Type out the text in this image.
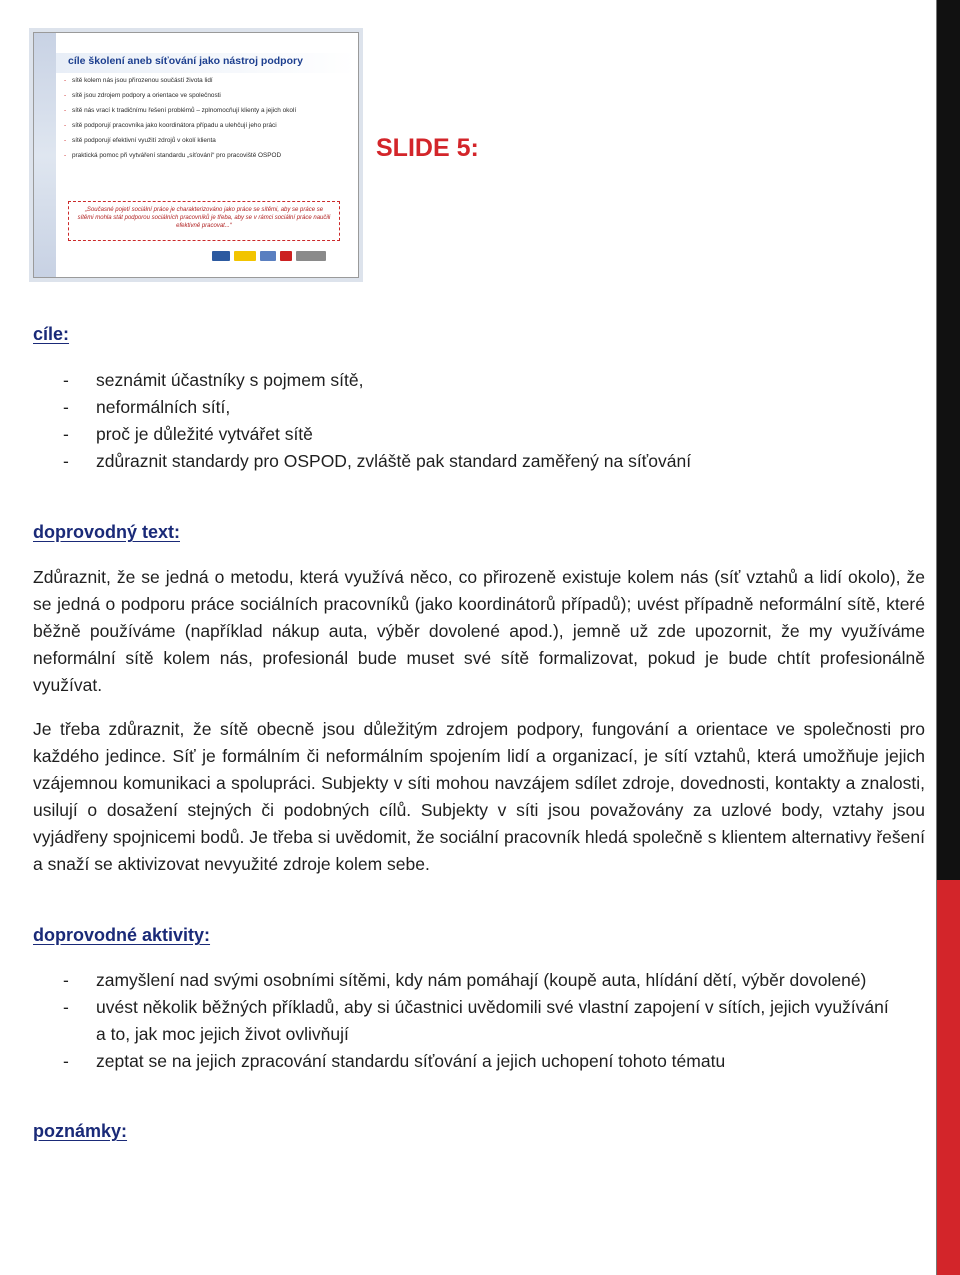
cíle školení aneb síťování jako nástroj podpory
- sítě kolem nás jsou přirozenou součástí života lidí
- sítě jsou zdrojem podpory a orientace ve společnosti
- sítě nás vrací k tradičnímu řešení problémů – zplnomocňují klienty a jejich okolí
- sítě podporují pracovníka jako koordinátora případu a ulehčují jeho práci
- sítě podporují efektivní využití zdrojů v okolí klienta
- praktická pomoc při vytváření standardu „síťování“ pro pracoviště OSPOD
„Současné pojetí sociální práce je charakterizováno jako práce se sítěmi, aby se práce se sítěmi mohla stát podporou sociálních pracovníků je třeba, aby se v rámci sociální práce naučili efektivně pracovat...“
SLIDE 5:
cíle:
- seznámit účastníky s pojmem sítě,
- neformálních sítí,
- proč je důležité vytvářet sítě
- zdůraznit standardy pro OSPOD, zvláště pak standard zaměřený na síťování
doprovodný text:

Zdůraznit, že se jedná o metodu, která využívá něco, co přirozeně existuje kolem nás (síť vztahů a lidí okolo), že se jedná o podporu práce sociálních pracovníků (jako koordinátorů případů); uvést případně neformální sítě, které běžně používáme (například nákup auta, výběr dovolené apod.), jemně už zde upozornit, že my využíváme neformální sítě kolem nás, profesionál bude muset své sítě formalizovat, pokud je bude chtít profesionálně využívat.

Je třeba zdůraznit, že sítě obecně jsou důležitým zdrojem podpory, fungování a orientace ve společnosti pro každého jedince. Síť je formálním či neformálním spojením lidí a organizací, je sítí vztahů, která umožňuje jejich vzájemnou komunikaci a spolupráci. Subjekty v síti mohou navzájem sdílet zdroje, dovednosti, kontakty a znalosti, usilují o dosažení stejných či podobných cílů. Subjekty v síti jsou považovány za uzlové body, vztahy jsou vyjádřeny spojnicemi bodů. Je třeba si uvědomit, že sociální pracovník hledá společně s klientem alternativy řešení a snaží se aktivizovat nevyužité zdroje kolem sebe.

doprovodné aktivity:
- zamyšlení nad svými osobními sítěmi, kdy nám pomáhají (koupě auta, hlídání dětí, výběr dovolené)
- uvést několik běžných příkladů, aby si účastnici uvědomili své vlastní zapojení v sítích, jejich využívání a to, jak moc jejich život ovlivňují
- zeptat se na jejich zpracování standardu síťování a jejich uchopení tohoto tématu
poznámky:
